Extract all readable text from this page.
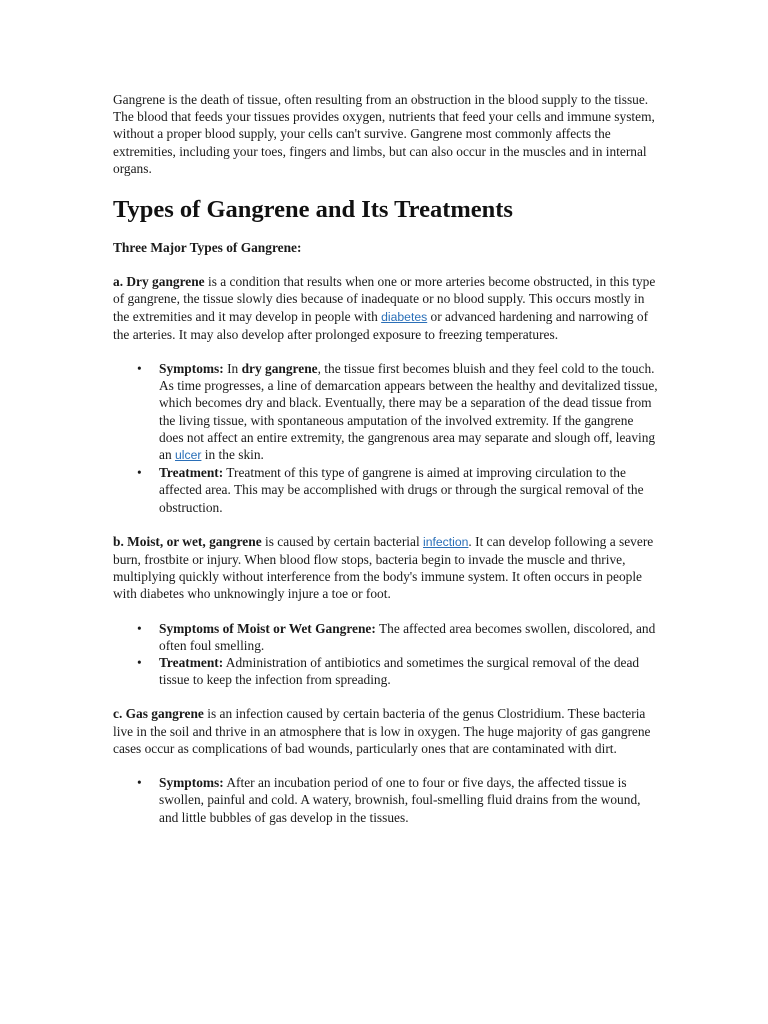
Gangrene is the death of tissue, often resulting from an obstruction in the blood supply to the tissue. The blood that feeds your tissues provides oxygen, nutrients that feed your cells and immune system, without a proper blood supply, your cells can't survive. Gangrene most commonly affects the extremities, including your toes, fingers and limbs, but can also occur in the muscles and in internal organs.

Types of Gangrene and Its Treatments

Three Major Types of Gangrene:

a. Dry gangrene is a condition that results when one or more arteries become obstructed, in this type of gangrene, the tissue slowly dies because of inadequate or no blood supply. This occurs mostly in the extremities and it may develop in people with diabetes or advanced hardening and narrowing of the arteries. It may also develop after prolonged exposure to freezing temperatures.

• Symptoms: In dry gangrene, the tissue first becomes bluish and they feel cold to the touch. As time progresses, a line of demarcation appears between the healthy and devitalized tissue, which becomes dry and black. Eventually, there may be a separation of the dead tissue from the living tissue, with spontaneous amputation of the involved extremity. If the gangrene does not affect an entire extremity, the gangrenous area may separate and slough off, leaving an ulcer in the skin.
• Treatment: Treatment of this type of gangrene is aimed at improving circulation to the affected area. This may be accomplished with drugs or through the surgical removal of the obstruction.

b. Moist, or wet, gangrene is caused by certain bacterial infection. It can develop following a severe burn, frostbite or injury. When blood flow stops, bacteria begin to invade the muscle and thrive, multiplying quickly without interference from the body's immune system. It often occurs in people with diabetes who unknowingly injure a toe or foot.

• Symptoms of Moist or Wet Gangrene: The affected area becomes swollen, discolored, and often foul smelling.
• Treatment: Administration of antibiotics and sometimes the surgical removal of the dead tissue to keep the infection from spreading.

c. Gas gangrene is an infection caused by certain bacteria of the genus Clostridium. These bacteria live in the soil and thrive in an atmosphere that is low in oxygen. The huge majority of gas gangrene cases occur as complications of bad wounds, particularly ones that are contaminated with dirt.

• Symptoms: After an incubation period of one to four or five days, the affected tissue is swollen, painful and cold. A watery, brownish, foul-smelling fluid drains from the wound, and little bubbles of gas develop in the tissues.
